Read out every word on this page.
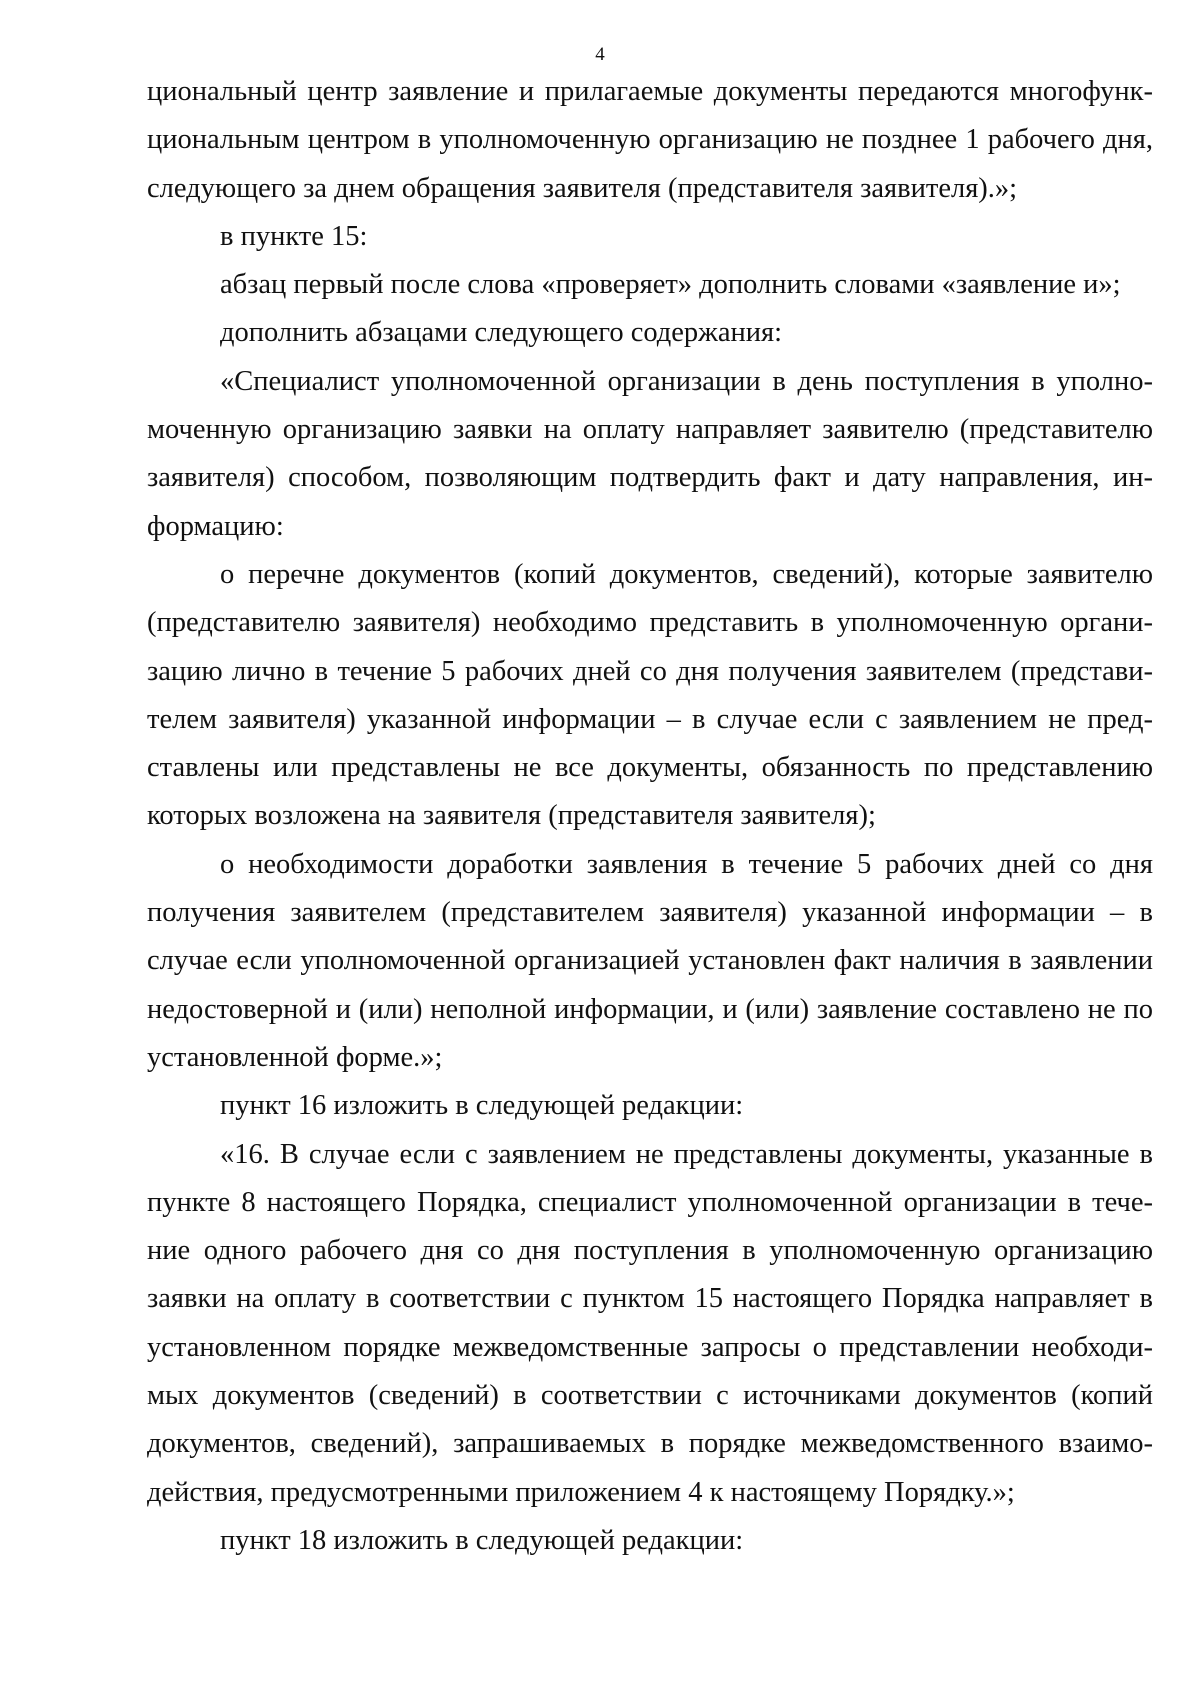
4

циональный центр заявление и прилагаемые документы передаются многофункциональным центром в уполномоченную организацию не позднее 1 рабочего дня, следующего за днем обращения заявителя (представителя заявителя).»;

в пункте 15:

абзац первый после слова «проверяет» дополнить словами «заявление и»;

дополнить абзацами следующего содержания:

«Специалист уполномоченной организации в день поступления в уполномоченную организацию заявки на оплату направляет заявителю (представителю заявителя) способом, позволяющим подтвердить факт и дату направления, информацию:

о перечне документов (копий документов, сведений), которые заявителю (представителю заявителя) необходимо представить в уполномоченную организацию лично в течение 5 рабочих дней со дня получения заявителем (представителем заявителя) указанной информации – в случае если с заявлением не представлены или представлены не все документы, обязанность по представлению которых возложена на заявителя (представителя заявителя);

о необходимости доработки заявления в течение 5 рабочих дней со дня получения заявителем (представителем заявителя) указанной информации – в случае если уполномоченной организацией установлен факт наличия в заявлении недостоверной и (или) неполной информации, и (или) заявление составлено не по установленной форме.»;

пункт 16 изложить в следующей редакции:

«16. В случае если с заявлением не представлены документы, указанные в пункте 8 настоящего Порядка, специалист уполномоченной организации в течение одного рабочего дня со дня поступления в уполномоченную организацию заявки на оплату в соответствии с пунктом 15 настоящего Порядка направляет в установленном порядке межведомственные запросы о представлении необходимых документов (сведений) в соответствии с источниками документов (копий документов, сведений), запрашиваемых в порядке межведомственного взаимодействия, предусмотренными приложением 4 к настоящему Порядку.»;

пункт 18 изложить в следующей редакции:
